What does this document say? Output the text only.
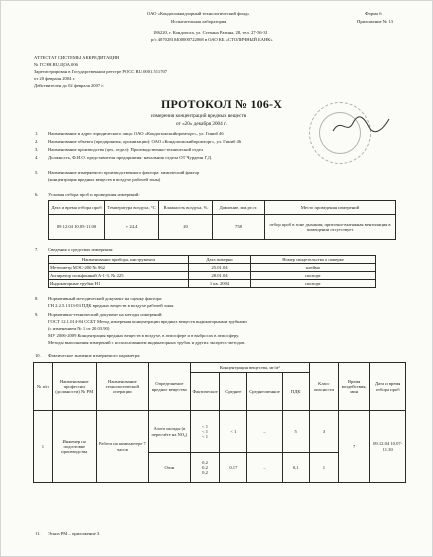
ОАО «Кондопожнадзорный технологический фонд»
Испытательная лаборатория
186220, г. Кондопога, ул. Степана Разина, 28, тел. 27-56-31
р/с 40702810400000722068 в ОАО КБ «СТОЛИЧНЫЙ БАНК»
Форма 6
Приложение № 13
АТТЕСТАТ СИСТЕМЫ АККРЕДИТАЦИИ
№ ГСЭН.RU.ЦОА.006
Зарегистрирован в Государственном реестре РОСС RU.0001.511707
от 20 февраля 2004 г.
Действителен до 02 февраля 2007 г.
ПРОТОКОЛ № 106-Х
измерения концентраций вредных веществ
от «20» декабря 2004 г.
1. Наименование и адрес юридического лица: ОАО «Кондопожскийпромторг», ул. Гиниб 46
2. Наименование объекта (предприятия, организации): ОАО «Кондопожскийпромторг», ул. Гиниб 46
3. Наименование производства (цех, отдел): Производственно-технический отдел
4. Должность, Ф.И.О. представителя предприятия: начальник отдела ОТ Чурдеин Г.Д.
5. Наименование измеряемого производственного фактора: химический фактор
(концентрация вредных веществ в воздухе рабочей зоны)
6. Условия отбора проб и проведения измерений:
Дата и время отбора проб	Температура воздуха, °С	Влажность воздуха, %	Давление, мм.рт.ст.	Место проведения измерений
09.12.04 10.05-11.00	+ 24,4	20	758	отбор проб в зоне дыхания; приточно-вытяжная вентиляция в помещении отсутствует
7. Сведения о средствах измерения:
Наименование прибора, инструмента	Дата поверки	Номер свидетельства о поверке
Метеометр МЭС-200 № 962	25.01.04	клеймо
Аспиратор сильфонный А-1-3, № 225	28.01.04	паспорт
Индикаторные трубки Н1	1 кв. 2004	паспорт
8. Нормативный методический документ на оценку фактора:
ГН 2.2.5.1313-03 ПДК вредных веществ в воздухе рабочей зоны
9. Нормативно-технический документ на методы измерений:
ГОСТ 12.1.014-84 ССБТ Метод измерения концентрации вредных веществ индикаторными трубками
(с изменением № 1 от 20.03.90)
МУ 2006-2009 Концентрация вредных веществ в воздухе, в атмосфере и в выбросах в атмосферу.
Методы выполнения измерений с использованием индикаторных трубок и других экспресс-методов.
10. Фактическое значение измеряемого параметра:
№ п/п	Наименование профессии (должности) № РМ	Наименование технологической операции	Определяемое вредное вещество	Концентрация вещества, мг/м³				Класс опасности	Время воздействия, мин	Дата и время отбора проб
				Фактическое	Среднее	Среднесменное	ПДК			
1	Инженер по подготовке производства	Работа на компьютере 7 часов	Азота оксиды (в пересчёте на NO₂)	< 1
< 1
< 1	< 1	–	5	3	7	09.12.04 10.07-11.30
			Озон	0,2
0,2
0,2	0,17	–	0,1	1		
11. Эскиз РМ – приложение 3.
